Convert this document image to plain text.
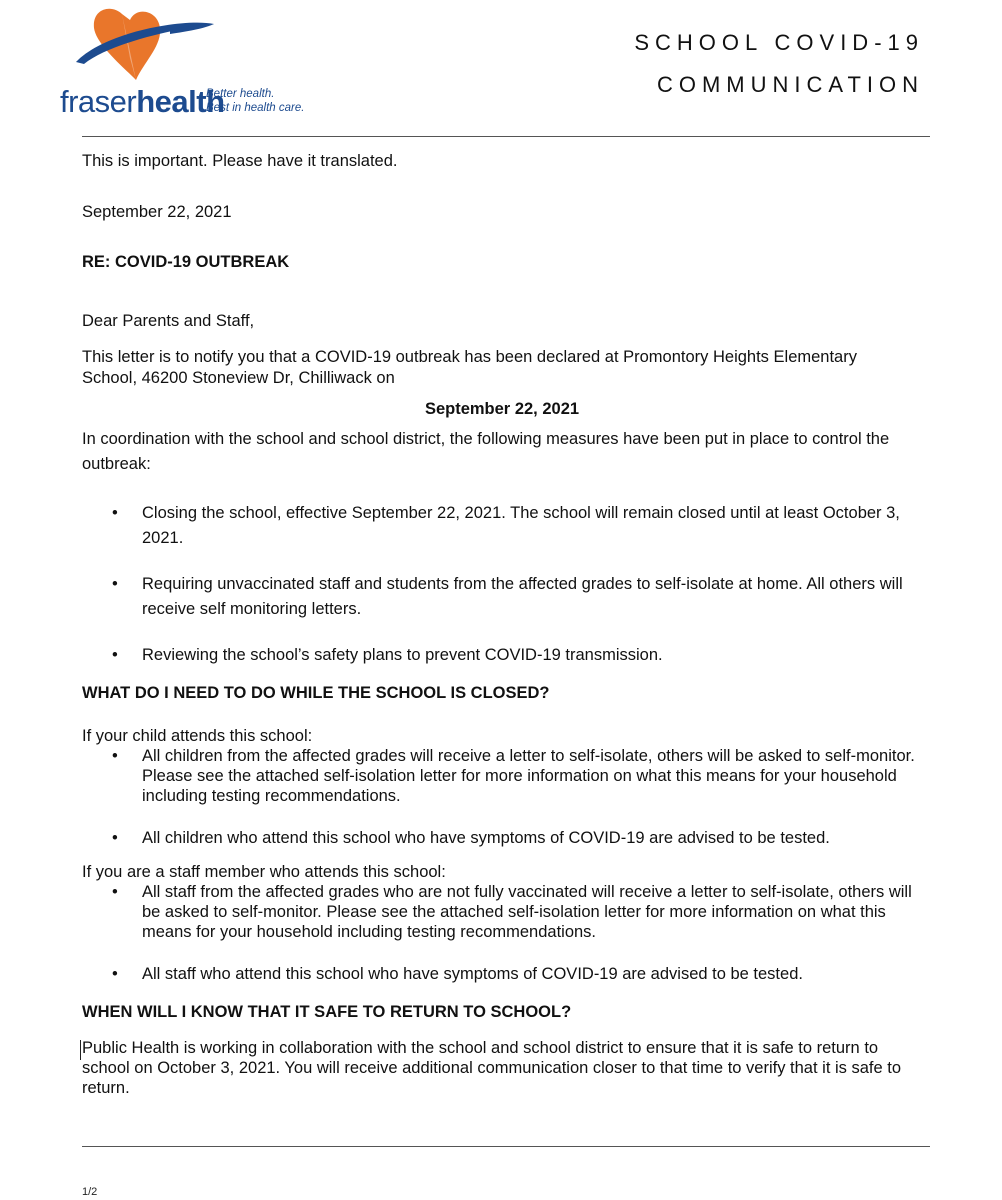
fraserhealth
Better health.
Best in health care.
SCHOOL COVID-19
COMMUNICATION

This is important. Please have it translated.

September 22, 2021

RE: COVID-19 OUTBREAK

Dear Parents and Staff,

This letter is to notify you that a COVID-19 outbreak has been declared at Promontory Heights Elementary School, 46200 Stoneview Dr, Chilliwack on

September 22, 2021

In coordination with the school and school district, the following measures have been put in place to control the outbreak:

• Closing the school, effective September 22, 2021. The school will remain closed until at least October 3, 2021.
• Requiring unvaccinated staff and students from the affected grades to self-isolate at home. All others will receive self monitoring letters.
• Reviewing the school’s safety plans to prevent COVID-19 transmission.

WHAT DO I NEED TO DO WHILE THE SCHOOL IS CLOSED?

If your child attends this school:

• All children from the affected grades will receive a letter to self-isolate, others will be asked to self-monitor. Please see the attached self-isolation letter for more information on what this means for your household including testing recommendations.
• All children who attend this school who have symptoms of COVID-19 are advised to be tested.

If you are a staff member who attends this school:

• All staff from the affected grades who are not fully vaccinated will receive a letter to self-isolate, others will be asked to self-monitor. Please see the attached self-isolation letter for more information on what this means for your household including testing recommendations.
• All staff who attend this school who have symptoms of COVID-19 are advised to be tested.

WHEN WILL I KNOW THAT IT SAFE TO RETURN TO SCHOOL?

Public Health is working in collaboration with the school and school district to ensure that it is safe to return to school on October 3, 2021. You will receive additional communication closer to that time to verify that it is safe to return.

1/2
